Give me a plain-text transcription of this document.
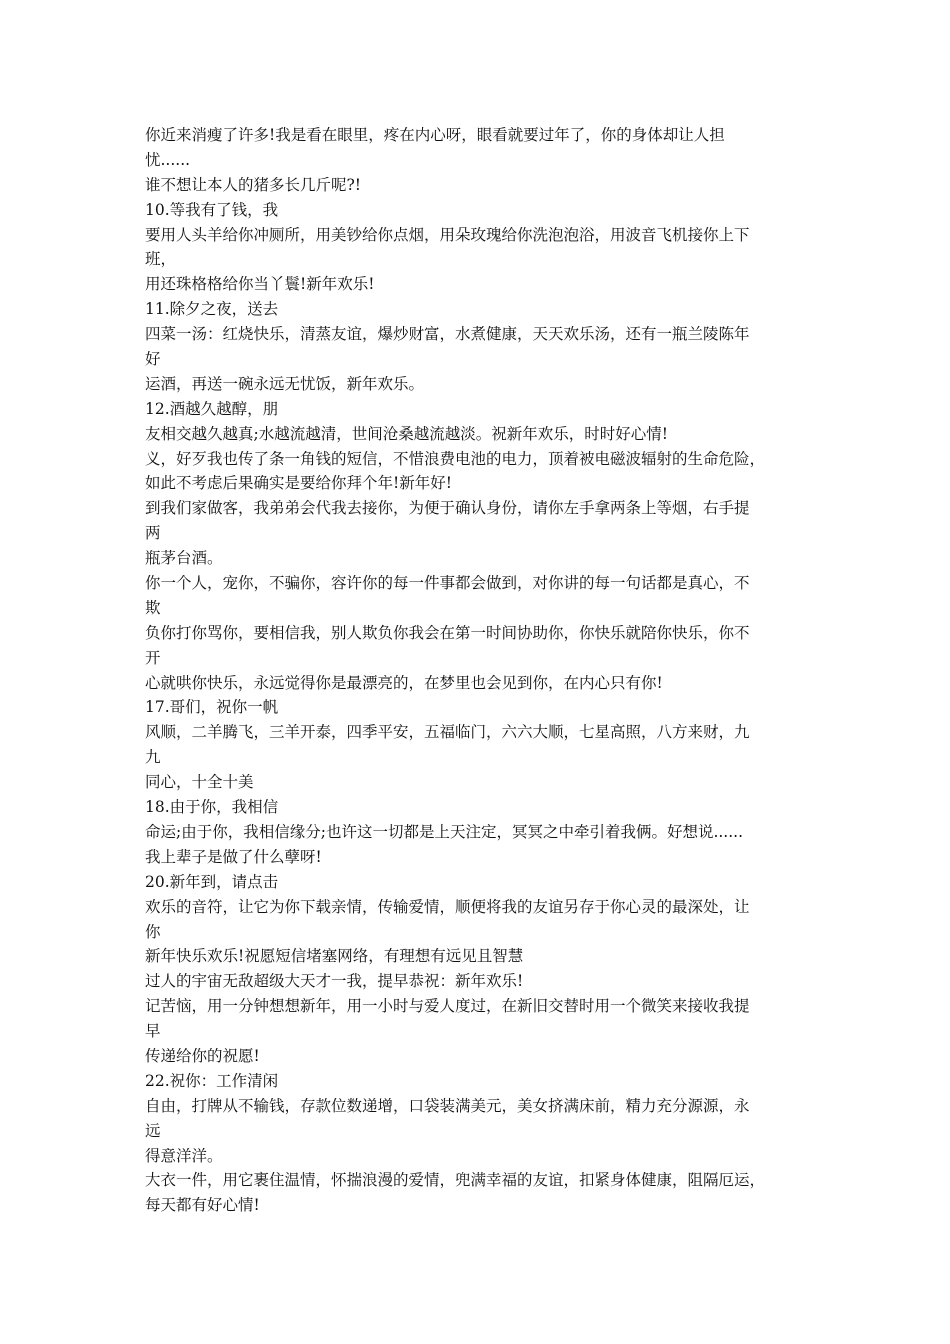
你近来消瘦了许多!我是看在眼里，疼在内心呀，眼看就要过年了，你的身体却让人担
忧......
谁不想让本人的猪多长几斤呢?!
10.等我有了钱，我
要用人头羊给你冲厕所，用美钞给你点烟，用朵玫瑰给你洗泡泡浴，用波音飞机接你上下
班，
用还珠格格给你当丫鬟!新年欢乐!
11.除夕之夜，送去
四菜一汤：红烧快乐，清蒸友谊，爆炒财富，水煮健康，天天欢乐汤，还有一瓶兰陵陈年
好
运酒，再送一碗永远无忧饭，新年欢乐。
12.酒越久越醇，朋
友相交越久越真;水越流越清，世间沧桑越流越淡。祝新年欢乐，时时好心情!
义，好歹我也传了条一角钱的短信，不惜浪费电池的电力，顶着被电磁波辐射的生命危险，
如此不考虑后果确实是要给你拜个年!新年好!
到我们家做客，我弟弟会代我去接你，为便于确认身份，请你左手拿两条上等烟，右手提
两
瓶茅台酒。
你一个人，宠你，不骗你，容许你的每一件事都会做到，对你讲的每一句话都是真心，不
欺
负你打你骂你，要相信我，别人欺负你我会在第一时间协助你，你快乐就陪你快乐，你不
开
心就哄你快乐，永远觉得你是最漂亮的，在梦里也会见到你，在内心只有你!
17.哥们，祝你一帆
风顺，二羊腾飞，三羊开泰，四季平安，五福临门，六六大顺，七星高照，八方来财，九
九
同心，十全十美
18.由于你，我相信
命运;由于你，我相信缘分;也许这一切都是上天注定，冥冥之中牵引着我俩。好想说......
我上辈子是做了什么孽呀!
20.新年到，请点击
欢乐的音符，让它为你下载亲情，传输爱情，顺便将我的友谊另存于你心灵的最深处，让
你
新年快乐欢乐!祝愿短信堵塞网络，有理想有远见且智慧
过人的宇宙无敌超级大天才一我，提早恭祝：新年欢乐!
记苦恼，用一分钟想想新年，用一小时与爱人度过，在新旧交替时用一个微笑来接收我提
早
传递给你的祝愿!
22.祝你：工作清闲
自由，打牌从不输钱，存款位数递增，口袋装满美元，美女挤满床前，精力充分源源，永
远
得意洋洋。
大衣一件，用它裹住温情，怀揣浪漫的爱情，兜满幸福的友谊，扣紧身体健康，阻隔厄运，
每天都有好心情!
